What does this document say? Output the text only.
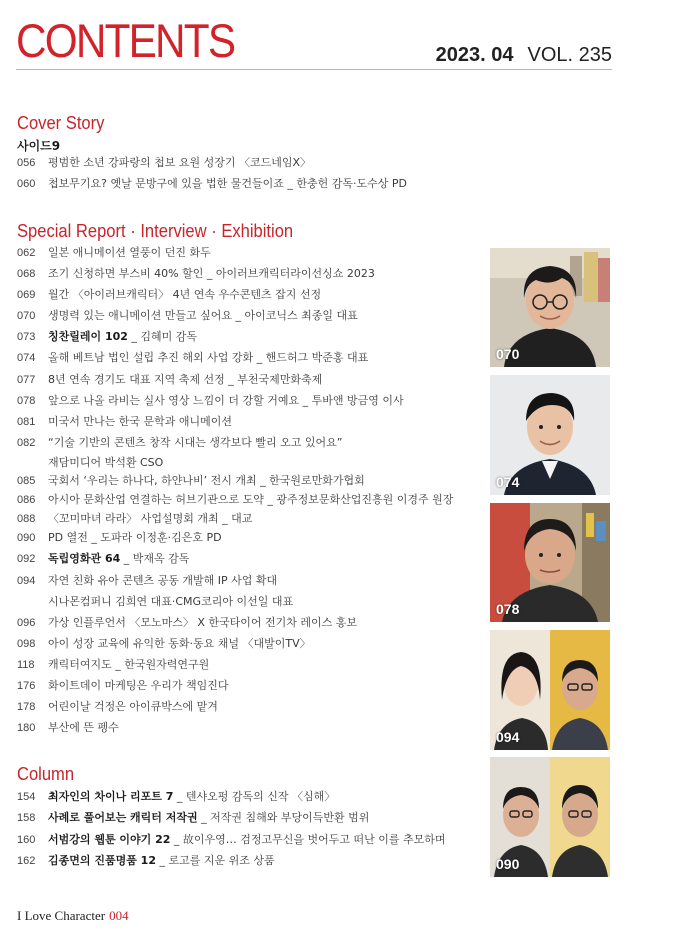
CONTENTS	2023. 04 VOL. 235
Cover Story
사이드9
056 평범한 소년 강파랑의 첩보 요원 성장기 〈코드네임X〉
060 첩보무기요? 옛날 문방구에 있을 법한 물건들이죠 _ 한충헌 감독·도수상 PD
Special Report · Interview · Exhibition
062 일본 애니메이션 열풍이 던진 화두
068 조기 신청하면 부스비 40% 할인 _ 아이러브캐릭터라이선싱쇼 2023
069 월간 〈아이러브캐릭터〉 4년 연속 우수콘텐츠 잡지 선정
070 생명력 있는 애니메이션 만들고 싶어요 _ 아이코닉스 최종일 대표
073 칭찬릴레이 102 _ 김혜미 감독
074 올해 베트남 법인 설립 추진 해외 사업 강화 _ 핸드허그 박준홍 대표
077 8년 연속 경기도 대표 지역 축제 선정 _ 부천국제만화축제
078 앞으로 나올 라비는 실사 영상 느낌이 더 강할 거예요 _ 투바앤 방금영 이사
081 미국서 만나는 한국 문학과 애니메이션
082 “기술 기반의 콘텐츠 창작 시대는 생각보다 빨리 오고 있어요”
재담미디어 박석환 CSO
085 국회서 ‘우리는 하나다, 하얀나비’ 전시 개최 _ 한국원로만화가협회
086 아시아 문화산업 연결하는 허브기관으로 도약 _ 광주정보문화산업진흥원 이경주 원장
088 〈꼬미마녀 라라〉 사업설명회 개최 _ 대교
090 PD 열전 _ 도파라 이정훈·김은호 PD
092 독립영화관 64 _ 박재옥 감독
094 자연 친화 유아 콘텐츠 공동 개발해 IP 사업 확대
시나몬컴퍼니 김희연 대표·CMG코리아 이선일 대표
096 가상 인플루언서 〈모노마스〉 X 한국타이어 전기차 레이스 홍보
098 아이 성장 교육에 유익한 동화·동요 채널 〈대발이TV〉
118 캐릭터여지도 _ 한국원자력연구원
176 화이트데이 마케팅은 우리가 책임진다
178 어린이날 걱정은 아이큐박스에 맡겨
180 부산에 뜬 펭수
Column
154 최자인의 차이나 리포트 7 _ 텐샤오펑 감독의 신작 〈심해〉
158 사례로 풀어보는 캐릭터 저작권 _ 저작권 침해와 부당이득반환 범위
160 서범강의 웹툰 이야기 22 _ 故이우영… 검정고무신을 벗어두고 떠난 이를 추모하며
162 김종면의 진품명품 12 _ 로고를 지운 위조 상품
070
074
078
094
090
I Love Character 004
